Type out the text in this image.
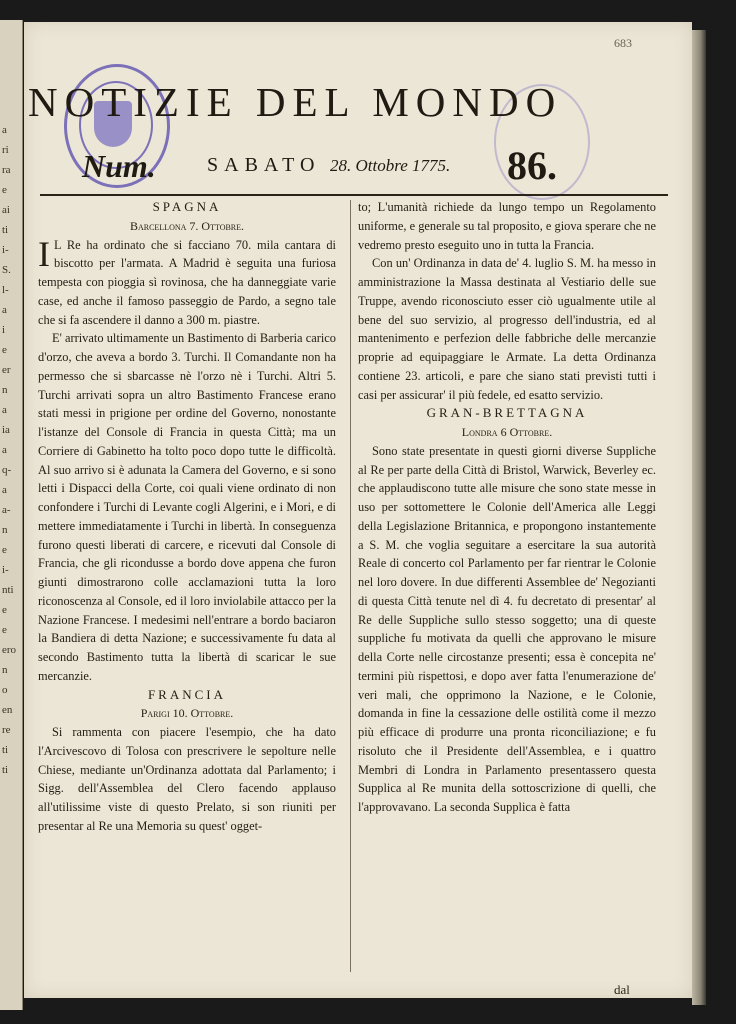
a
ri
ra
e
ai
ti
i-
S.
l-
a
i
e
er
n
a
ia
a
q-
a
a-
n
e
i-
nti
e
e
ero
n
o
en
re
ti
ti
683
NOTIZIE DEL MONDO
Num.	SABATO 28. Ottobre 1775. 86.

SPAGNA

Barcellona 7. Ottobre.

I L Re ha ordinato che si facciano 70. mila cantara di biscotto per l'armata. A Madrid è seguita una furiosa tempesta con pioggia sì rovinosa, che ha danneggiate varie case, ed anche il famoso passeggio de Pardo, a segno tale che si fa ascendere il danno a 300 m. piastre.

E' arrivato ultimamente un Bastimento di Barberia carico d'orzo, che aveva a bordo 3. Turchi. Il Comandante non ha permesso che si sbarcasse nè l'orzo nè i Turchi. Altri 5. Turchi arrivati sopra un altro Bastimento Francese erano stati messi in prigione per ordine del Governo, nonostante l'istanze del Console di Francia in questa Città; ma un Corriere di Gabinetto ha tolto poco dopo tutte le difficoltà. Al suo arrivo si è adunata la Camera del Governo, e si sono letti i Dispacci della Corte, coi quali viene ordinato di non confondere i Turchi di Levante cogli Algerini, e i Mori, e di mettere immediatamente i Turchi in libertà. In conseguenza furono questi liberati di carcere, e ricevuti dal Console di Francia, che gli ricondusse a bordo dove appena che furon giunti dimostrarono colle acclamazioni tutta la loro riconoscenza al Console, ed il loro inviolabile attacco per la Nazione Francese. I medesimi nell'entrare a bordo baciaron la Bandiera di detta Nazione; e successivamente fu data al secondo Bastimento tutta la libertà di scaricar le sue mercanzie.

FRANCIA

Parigi 10. Ottobre.

Si rammenta con piacere l'esempio, che ha dato l'Arcivescovo di Tolosa con prescrivere le sepolture nelle Chiese, mediante un'Ordinanza adottata dal Parlamento; i Sigg. dell'Assemblea del Clero facendo applauso all'utilissime viste di questo Prelato, si son riuniti per presentar al Re una Memoria su quest' ogget-

to; L'umanità richiede da lungo tempo un Regolamento uniforme, e generale su tal proposito, e giova sperare che ne vedremo presto eseguito uno in tutta la Francia.

Con un' Ordinanza in data de' 4. luglio S. M. ha messo in amministrazione la Massa destinata al Vestiario delle sue Truppe, avendo riconosciuto esser ciò ugualmente utile al bene del suo servizio, al progresso dell'industria, ed al mantenimento e perfezion delle fabbriche delle mercanzie proprie ad equipaggiare le Armate. La detta Ordinanza contiene 23. articoli, e pare che siano stati previsti tutti i casi per assicurar' il più fedele, ed esatto servizio.

GRAN-BRETTAGNA

Londra 6 Ottobre.

Sono state presentate in questi giorni diverse Suppliche al Re per parte della Città di Bristol, Warwick, Beverley ec. che applaudiscono tutte alle misure che sono state messe in uso per sottomettere le Colonie dell'America alle Leggi della Legislazione Britannica, e propongono instantemente a S. M. che voglia seguitare a esercitare la sua autorità Reale di concerto col Parlamento per far rientrar le Colonie nel loro dovere. In due differenti Assemblee de' Negozianti di questa Città tenute nel dì 4. fu decretato di presentar' al Re delle Suppliche sullo stesso soggetto; una di queste suppliche fu motivata da quelli che approvano le misure della Corte nelle circostanze presenti; essa è concepita ne' termini più rispettosi, e dopo aver fatta l'enumerazione de' veri mali, che opprimono la Nazione, e le Colonie, domanda in fine la cessazione delle ostilità come il mezzo più efficace di produrre una pronta riconciliazione; e fu risoluto che il Presidente dell'Assemblea, e i quattro Membri di Londra in Parlamento presentassero questa Supplica al Re munita della sottoscrizione di quelli, che l'approvavano. La seconda Supplica è fatta

dal
